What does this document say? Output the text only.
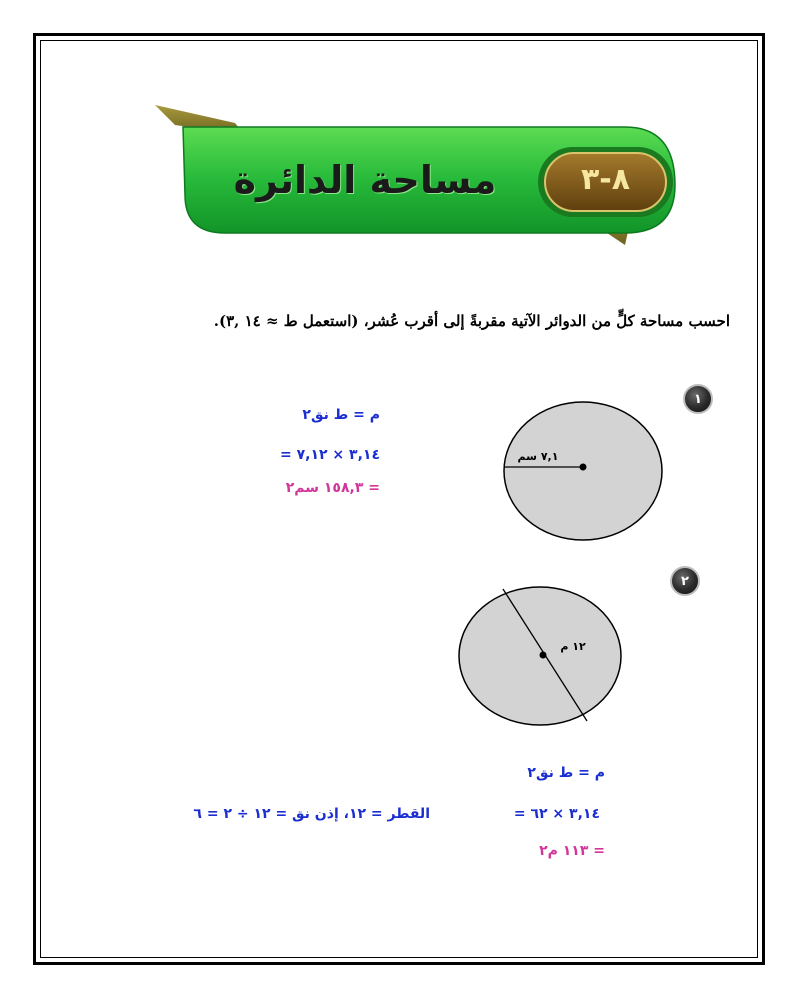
٨-٣
مساحة الدائرة
احسب مساحة كلٍّ من الدوائر الآتية مقربةً إلى أقرب عُشر، (استعمل ط ≈ ١٤ ,٣).
١
٧,١ سم
م = ط نق٢
= ٣,١٤ × ٧,١٢
= ١٥٨,٣ سم٢
٢
١٢ م
م = ط نق٢
القطر = ١٢، إذن نق = ١٢ ÷ ٢ = ٦	= ٣,١٤ × ٦٢
= ١١٣ م٢
